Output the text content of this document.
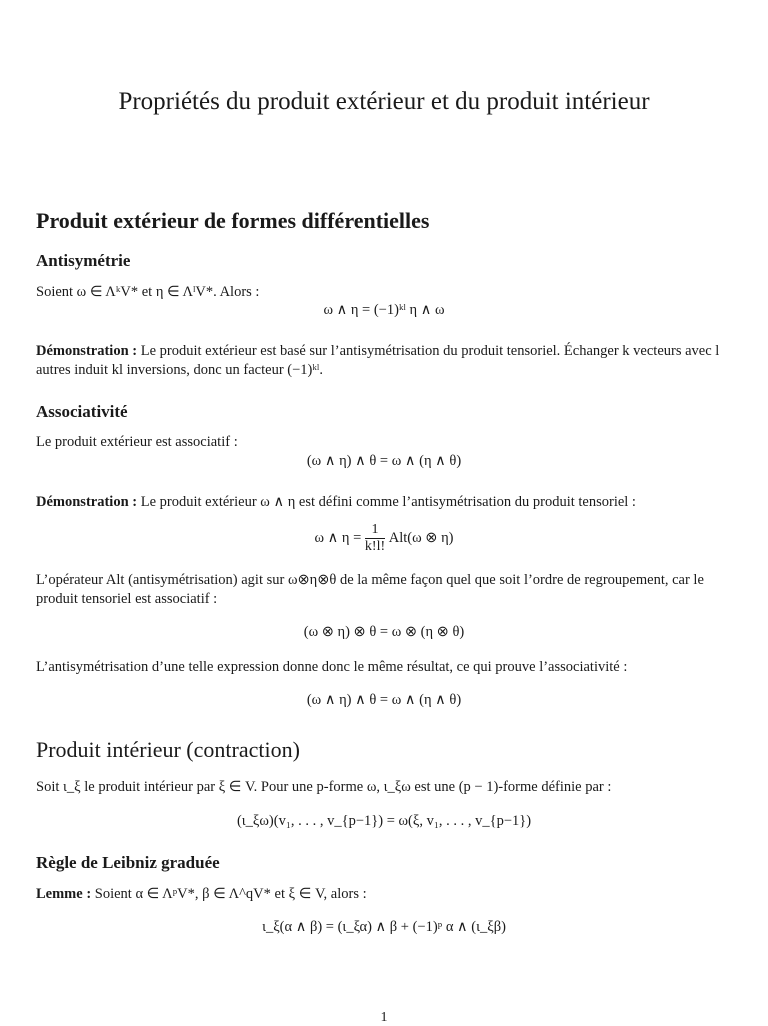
Propriétés du produit extérieur et du produit intérieur
Produit extérieur de formes différentielles
Antisymétrie
Soient ω ∈ ΛᵏV* et η ∈ ΛˡV*. Alors :
ω ∧ η = (−1)ᵏˡ η ∧ ω
Démonstration : Le produit extérieur est basé sur l’antisymétrisation du produit tensoriel. Échanger k vecteurs avec l autres induit kl inversions, donc un facteur (−1)ᵏˡ.
Associativité
Le produit extérieur est associatif :
(ω ∧ η) ∧ θ = ω ∧ (η ∧ θ)
Démonstration : Le produit extérieur ω ∧ η est défini comme l’antisymétrisation du produit tensoriel :
ω ∧ $\eta = \frac{1}{k!l!} Alt(\omega$ ⊗ η)
L’opérateur Alt (antisymétrisation) agit sur ω⊗η⊗θ de la même façon quel que soit l’ordre de regroupement, car le produit tensoriel est associatif :
(ω ⊗ η) ⊗ θ = ω ⊗ (η ⊗ θ)
L’antisymétrisation d’une telle expression donne donc le même résultat, ce qui prouve l’associativité :
(ω ∧ η) ∧ θ = ω ∧ (η ∧ θ)
Produit intérieur (contraction)
Soit ι_ξ le produit intérieur par ξ ∈ V. Pour une p-forme ω, ι_ξω est une (p − 1)-forme définie par :
(ι_ξω)(v₁, . . . , v_{p−1}) = ω(ξ, v₁, . . . , v_{p−1})
Règle de Leibniz graduée
Lemme : Soient α ∈ ΛᵖV*, β ∈ Λ^qV* et ξ ∈ V, alors :
ι_ξ(α ∧ β) = (ι_ξα) ∧ β + (−1)ᵖ α ∧ (ι_ξβ)
1
